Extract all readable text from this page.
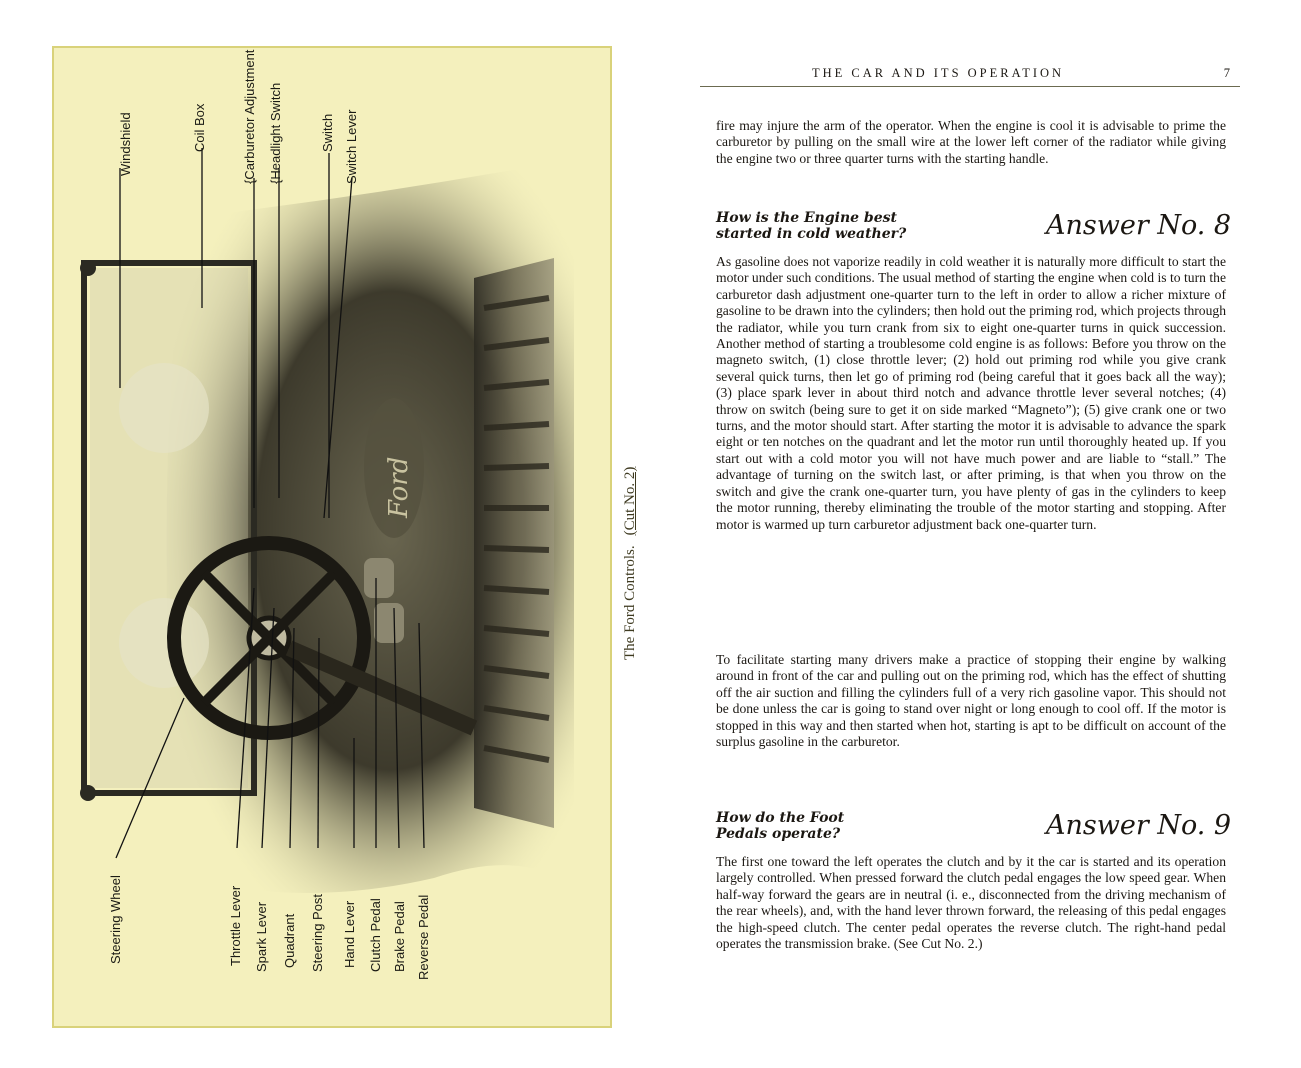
Windshield	Coil Box	{Carburetor Adjustment {Headlight Switch	Switch Switch Lever
Steering Wheel	Throttle Lever Spark Lever Quadrant Steering Post Hand Lever Clutch Pedal Brake Pedal Reverse Pedal
Ford
The Ford Controls.(Cut No. 2)
THE CAR AND ITS OPERATION	7

fire may injure the arm of the operator. When the engine is cool it is advisable to prime the carburetor by pulling on the small wire at the lower left corner of the radiator while giving the engine two or three quarter turns with the starting handle.

How is the Engine best
started in cold weather?	Answer No. 8

As gasoline does not vaporize readily in cold weather it is naturally more difficult to start the motor under such conditions. The usual method of starting the engine when cold is to turn the carburetor dash adjustment one-quarter turn to the left in order to allow a richer mixture of gasoline to be drawn into the cylinders; then hold out the priming rod, which projects through the radiator, while you turn crank from six to eight one-quarter turns in quick succession. Another method of starting a troublesome cold engine is as follows: Before you throw on the magneto switch, (1) close throttle lever; (2) hold out priming rod while you give crank several quick turns, then let go of priming rod (being careful that it goes back all the way); (3) place spark lever in about third notch and advance throttle lever several notches; (4) throw on switch (being sure to get it on side marked “Magneto”); (5) give crank one or two turns, and the motor should start. After starting the motor it is advisable to advance the spark eight or ten notches on the quadrant and let the motor run until thoroughly heated up. If you start out with a cold motor you will not have much power and are liable to “stall.” The advantage of turning on the switch last, or after priming, is that when you throw on the switch and give the crank one-quarter turn, you have plenty of gas in the cylinders to keep the motor running, thereby eliminating the trouble of the motor starting and stopping. After motor is warmed up turn carburetor adjustment back one-quarter turn.

To facilitate starting many drivers make a practice of stopping their engine by walking around in front of the car and pulling out on the priming rod, which has the effect of shutting off the air suction and filling the cylinders full of a very rich gasoline vapor. This should not be done unless the car is going to stand over night or long enough to cool off. If the motor is stopped in this way and then started when hot, starting is apt to be difficult on account of the surplus gasoline in the carburetor.

How do the Foot
Pedals operate?	Answer No. 9

The first one toward the left operates the clutch and by it the car is started and its operation largely controlled. When pressed forward the clutch pedal engages the low speed gear. When half-way forward the gears are in neutral (i. e., disconnected from the driving mechanism of the rear wheels), and, with the hand lever thrown forward, the releasing of this pedal engages the high-speed clutch. The center pedal operates the reverse clutch. The right-hand pedal operates the transmission brake. (See Cut No. 2.)
